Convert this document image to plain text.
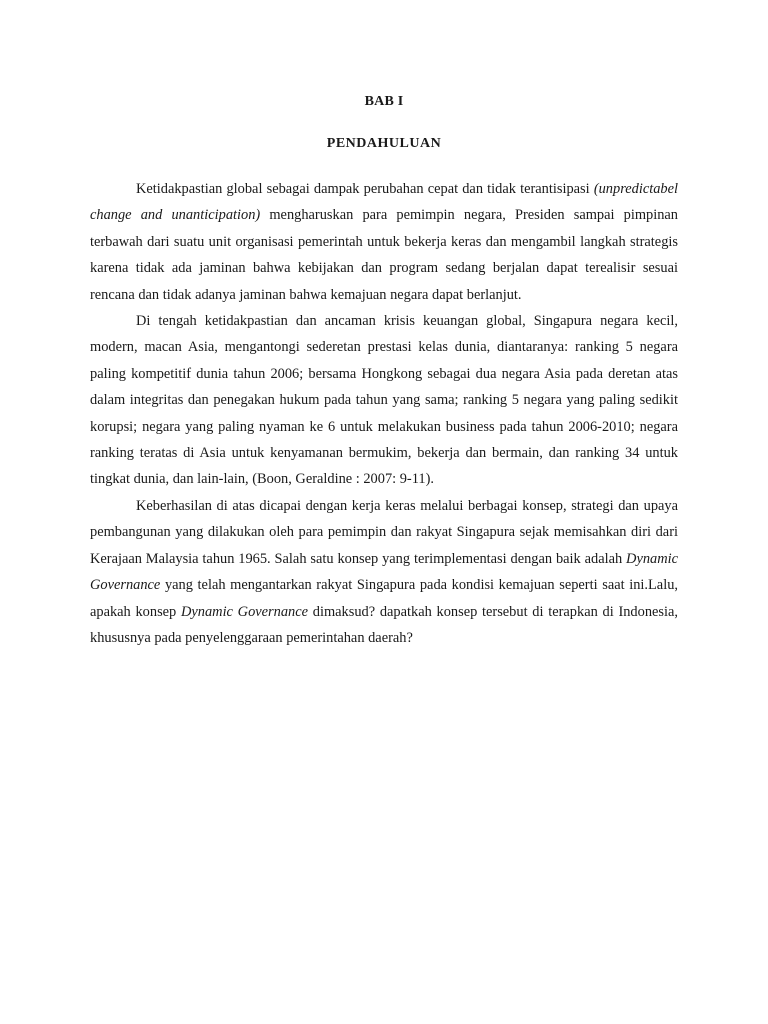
BAB I
PENDAHULUAN

Ketidakpastian global sebagai dampak perubahan cepat dan tidak terantisipasi (unpredictabel change and unanticipation) mengharuskan para pemimpin negara, Presiden sampai pimpinan terbawah dari suatu unit organisasi pemerintah untuk bekerja keras dan mengambil langkah strategis karena tidak ada jaminan bahwa kebijakan dan program sedang berjalan dapat terealisir sesuai rencana dan tidak adanya jaminan bahwa kemajuan negara dapat berlanjut.

Di tengah ketidakpastian dan ancaman krisis keuangan global, Singapura negara kecil, modern, macan Asia, mengantongi sederetan prestasi kelas dunia, diantaranya: ranking 5 negara paling kompetitif dunia tahun 2006; bersama Hongkong sebagai dua negara Asia pada deretan atas dalam integritas dan penegakan hukum pada tahun yang sama; ranking 5 negara yang paling sedikit korupsi; negara yang paling nyaman ke 6 untuk melakukan business pada tahun 2006-2010; negara ranking teratas di Asia untuk kenyamanan bermukim, bekerja dan bermain, dan ranking 34 untuk tingkat dunia, dan lain-lain, (Boon, Geraldine : 2007: 9-11).

Keberhasilan di atas dicapai dengan kerja keras melalui berbagai konsep, strategi dan upaya pembangunan yang dilakukan oleh para pemimpin dan rakyat Singapura sejak memisahkan diri dari Kerajaan Malaysia tahun 1965. Salah satu konsep yang terimplementasi dengan baik adalah Dynamic Governance yang telah mengantarkan rakyat Singapura pada kondisi kemajuan seperti saat ini.Lalu, apakah konsep Dynamic Governance dimaksud? dapatkah konsep tersebut di terapkan di Indonesia, khususnya pada penyelenggaraan pemerintahan daerah?
